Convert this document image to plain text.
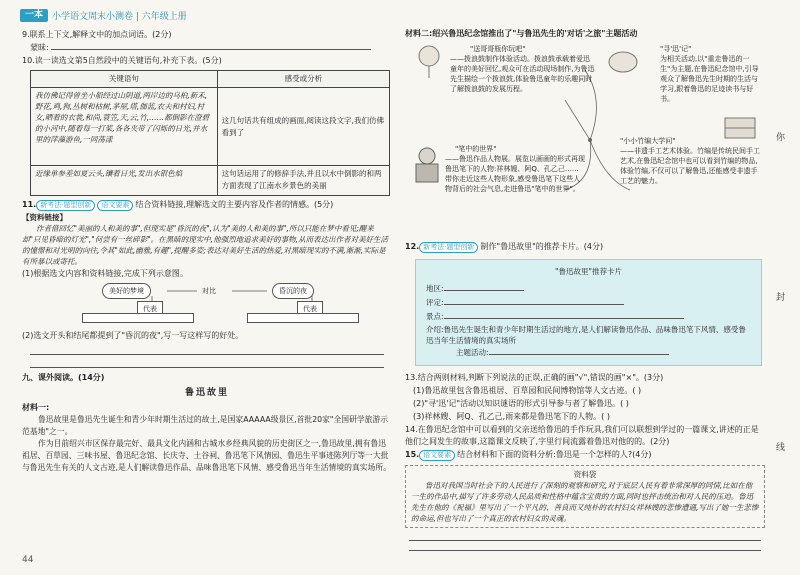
一本	小学语文周末小测卷 | 六年级上册
9.联系上下文,解释文中的加点词语。(2分)
蒙昧:
10.读一读选文第5自然段中的关键语句,补充下表。(5分)
关键语句	感受或分析
我仿佛记得曾坐小船经过山阴道,两岸边的乌桕,新禾,野花,鸡,狗,丛树和枯树,茅屋,塔,伽蓝,农夫和村妇,村女,晒着的衣裳,和尚,蓑笠,天,云,竹,……都倒影在澄碧的小河中,随着每一打桨,各各夹带了闪烁的日光,并水里的萍藻游鱼,一同荡漾	这几句话共有组成的画面,阅读这段文字,我们仿佛看到了
近缘单参差如夏云头,镶着日光,发出水银色焰	这句话运用了的修辞手法,并且以水中倒影的和两方面表现了江南水乡景色的美丽
11. 新考法·题型创新 语文要素 结合资料链接,理解选文的主要内容及作者的情感。(5分)
【资料链接】
作者借回忆"美丽的人和美的事",但现实是"昏沉的夜",认为"美的人和美的事",所以只能在梦中看见;醒来却"只见昏暗的灯光","何尝有一丝碎影"。在黑暗的现实中,他强烈地追求美好的事物,从而表达出作者对美好生活的憧憬和对光明的向往,令其"如此,幽雅,有趣",提醒多姿;表达对美好生活的热爱,对黑暗现实的不满,渐渐,实际是有所暴以或寄托。
(1)根据选文内容和资料链接,完成下列示意图。
美好的梦境	对比	昏沉的夜
代表	代表
(2)选文开头和结尾都提到了"昏沉的夜",写一写这样写的好处。
九、课外阅读。(14分)
鲁迅故里
材料一:
鲁迅故里是鲁迅先生诞生和青少年时期生活过的故土,是国家AAAAA级景区,首批20家"全国研学旅游示范基地"之一。
作为目前绍兴市区保存最完好、最具文化内涵和古城水乡经典风貌的历史街区之一,鲁迅故里,拥有鲁迅祖居、百草园、三味书屋、鲁迅纪念馆、长庆寺、土谷祠、鲁迅笔下风情园、鲁迅生平事迹陈列厅等一大批与鲁迅先生有关的人文古迹,是人们解读鲁迅作品、品味鲁迅笔下风情、感受鲁迅当年生活情境的真实场所。
材料二:绍兴鲁迅纪念馆推出了"与鲁迅先生的'对话'之旅"主题活动
"送哥哥瓶你玩吧"
——拨浪鼓制作体验活动。拨浪鼓承载着爱迅童年的美好回忆,观众可在活动现场制作,为鲁迅先生描绘一个拨浪鼓,体验鲁迅童年的乐趣同时了解拨浪鼓的发展历程。
"寻'迅'记"
为相关活动,以"重走鲁迅的一生"为主题,在鲁迅纪念馆中,引导观众了解鲁迅先生时期的生活与学习,跟着鲁迅的足迹读书与好书。
"笔中的世界"
——鲁迅作品人物展。展览以画画的形式再现鲁迅笔下的人物:祥林嫂、阿Q、孔乙己……带你走近这些人物形象,感受鲁迅笔下这些人物背后的社会气息,走进鲁迅"笔中的世界"。
"小小竹编大学问"
——非遗手工艺术体验。竹编是传统民间手工艺术,在鲁迅纪念馆中也可以看到竹编的物品,体验竹编,不仅可以了解鲁迅,还能感受非遗手工艺的魅力。
12. 新考法·题型创新 制作"鲁迅故里"的推荐卡片。(4分)
"鲁迅故里"推荐卡片
地区:
评定:
景点:
介绍:鲁迅先生诞生和青少年时期生活过的地方,是人们解读鲁迅作品、品味鲁迅笔下风情、感受鲁迅当年生活情境的真实场所
主题活动:
13.结合两则材料,判断下列说法的正误,正确的画"√",错误的画"×"。(3分)
(1)鲁迅故里包含鲁迅祖居、百草园和民间博物馆等人文古迹。( )
(2)"寻'迅'记"活动以知识谜语的形式引导参与者了解鲁迅。( )
(3)祥林嫂、阿Q、孔乙己,雨来都是鲁迅笔下的人物。( )
14.在鲁迅纪念馆中可以看到的父亲送给鲁迅的手作玩具,我们可以联想到学过的一篇课文,讲述的正是他们之间发生的故事,这篇课文反映了,字里行间流露着鲁迅对他的的。(2分)
15. 语文要素 结合材料和下面的资料分析:鲁迅是一个怎样的人?(4分)
资料袋
鲁迅对我国当时社会下的人民进行了深刻的观察和研究,对于底层人民有着非常深厚的同情,比如在他一生的作品中,描写了许多劳动人民品质和性格中蕴含宝贵的方面,同时也抨击统治和对人民的压迫。鲁迅先生在他的《祝福》里写出了一个平凡的、善良而又纯朴的农村妇女祥林嫂的悲惨遭遇,写出了她一生悲惨的命运,但也写出了一个真正的农村妇女的灵魂。
你
封
线
44
